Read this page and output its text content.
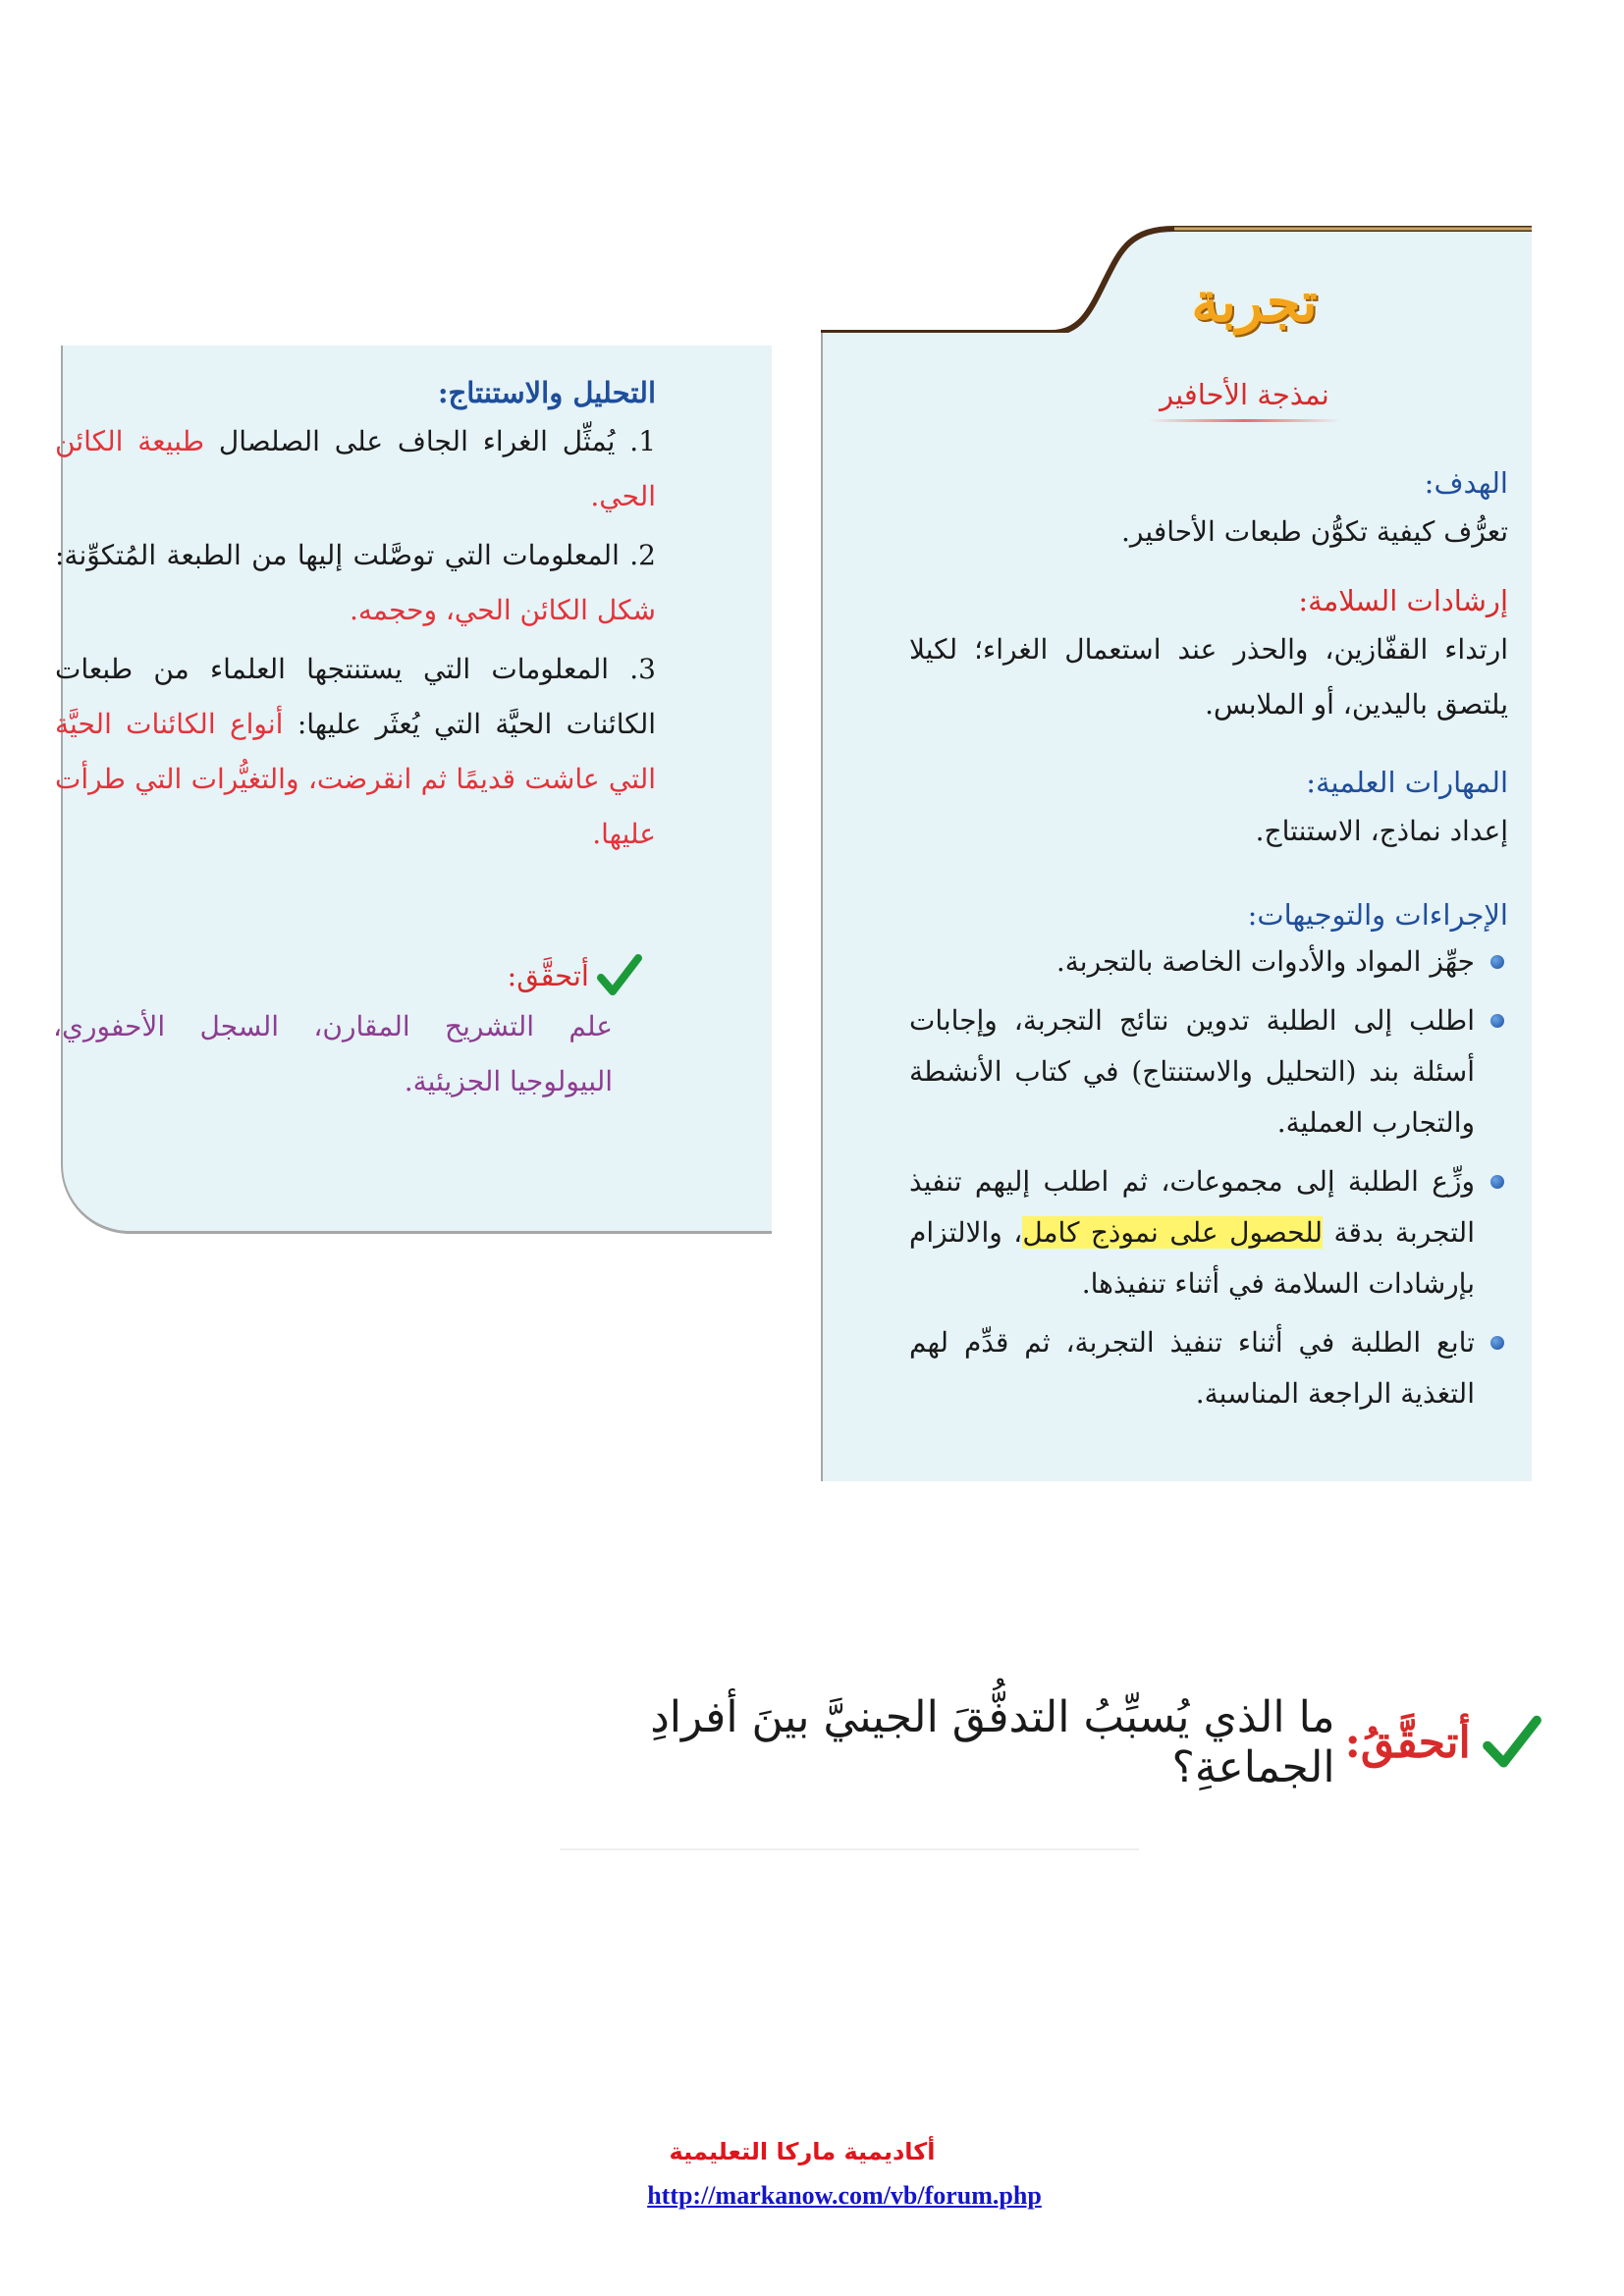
تجربة
نمذجة الأحافير

الهدف:

تعرُّف كيفية تكوُّن طبعات الأحافير.

إرشادات السلامة:

ارتداء القفّازين، والحذر عند استعمال الغراء؛ لكيلا يلتصق باليدين، أو الملابس.

المهارات العلمية:

إعداد نماذج، الاستنتاج.

الإجراءات والتوجيهات:

جهِّز المواد والأدوات الخاصة بالتجربة.
اطلب إلى الطلبة تدوين نتائج التجربة، وإجابات أسئلة بند (التحليل والاستنتاج) في كتاب الأنشطة والتجارب العملية.
وزِّع الطلبة إلى مجموعات، ثم اطلب إليهم تنفيذ التجربة بدقة للحصول على نموذج كامل، والالتزام بإرشادات السلامة في أثناء تنفيذها.
تابع الطلبة في أثناء تنفيذ التجربة، ثم قدِّم لهم التغذية الراجعة المناسبة.

التحليل والاستنتاج:

1. يُمثِّل الغراء الجاف على الصلصال طبيعة الكائن الحي.

2. المعلومات التي توصَّلت إليها من الطبعة المُتكوِّنة: شكل الكائن الحي، وحجمه.

3. المعلومات التي يستنتجها العلماء من طبعات الكائنات الحيَّة التي يُعثَر عليها: أنواع الكائنات الحيَّة التي عاشت قديمًا ثم انقرضت، والتغيُّرات التي طرأت عليها.

أتحقَّق:

علم التشريح المقارن، السجل الأحفوري، البيولوجيا الجزيئية.

أتحقَّقُ:
ما الذي يُسبِّبُ التدفُّقَ الجينيَّ بينَ أفرادِ الجماعةِ؟
أكاديمية ماركا التعليمية
http://markanow.com/vb/forum.php
